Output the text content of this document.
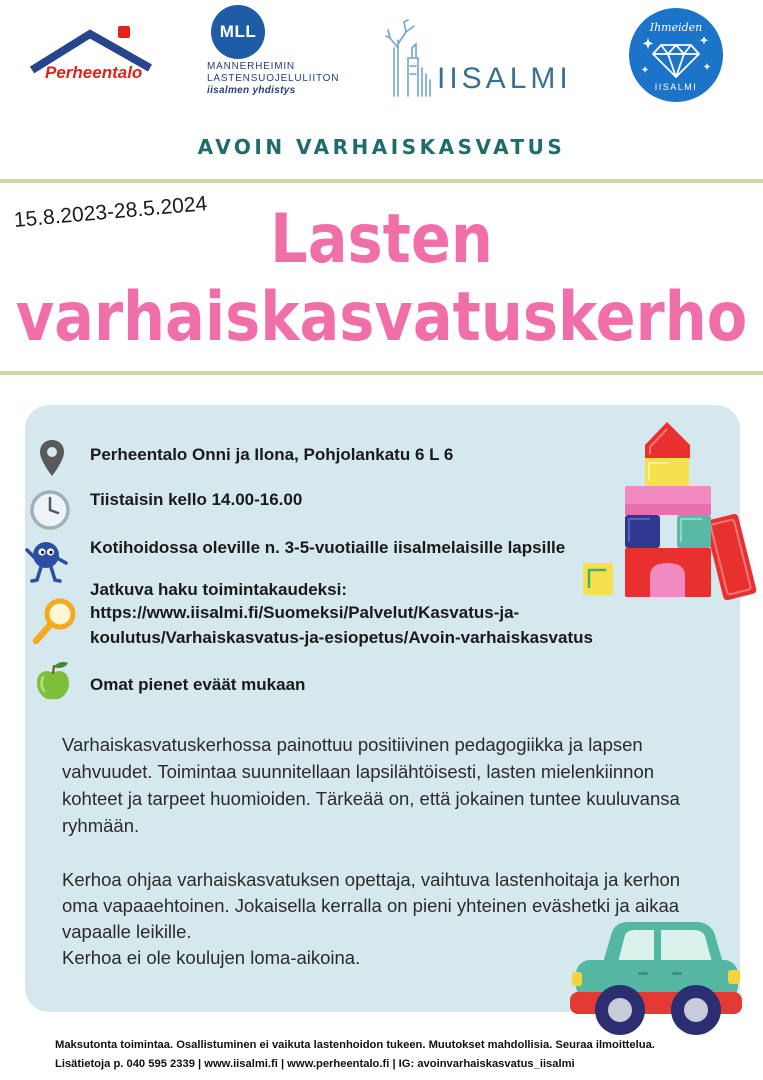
Perheentalo
MLL
MANNERHEIMIN
LASTENSUOJELULIITON
iisalmen yhdistys	IISALMI
Ihmeiden
IISALMI
AVOIN VARHAISKASVATUS
15.8.2023-28.5.2024	Lasten
varhaiskasvatuskerho
Perheentalo Onni ja Ilona, Pohjolankatu 6 L 6
Tiistaisin kello 14.00-16.00
Kotihoidossa oleville n. 3-5-vuotiaille iisalmelaisille lapsille
Jatkuva haku toimintakaudeksi:
https://www.iisalmi.fi/Suomeksi/Palvelut/Kasvatus-ja-
koulutus/Varhaiskasvatus-ja-esiopetus/Avoin-varhaiskasvatus
Omat pienet eväät mukaan
Varhaiskasvatuskerhossa painottuu positiivinen pedagogiikka ja lapsen
vahvuudet. Toimintaa suunnitellaan lapsilähtöisesti, lasten mielenkiinnon
kohteet ja tarpeet huomioiden. Tärkeää on, että jokainen tuntee kuuluvansa
ryhmään.
Kerhoa ohjaa varhaiskasvatuksen opettaja, vaihtuva lastenhoitaja ja kerhon
oma vapaaehtoinen. Jokaisella kerralla on pieni yhteinen eväshetki ja aikaa
vapaalle leikille.
Kerhoa ei ole koulujen loma-aikoina.
Maksutonta toimintaa. Osallistuminen ei vaikuta lastenhoidon tukeen. Muutokset mahdollisia. Seuraa ilmoittelua.
Lisätietoja p. 040 595 2339 | www.iisalmi.fi | www.perheentalo.fi | IG: avoinvarhaiskasvatus_iisalmi
